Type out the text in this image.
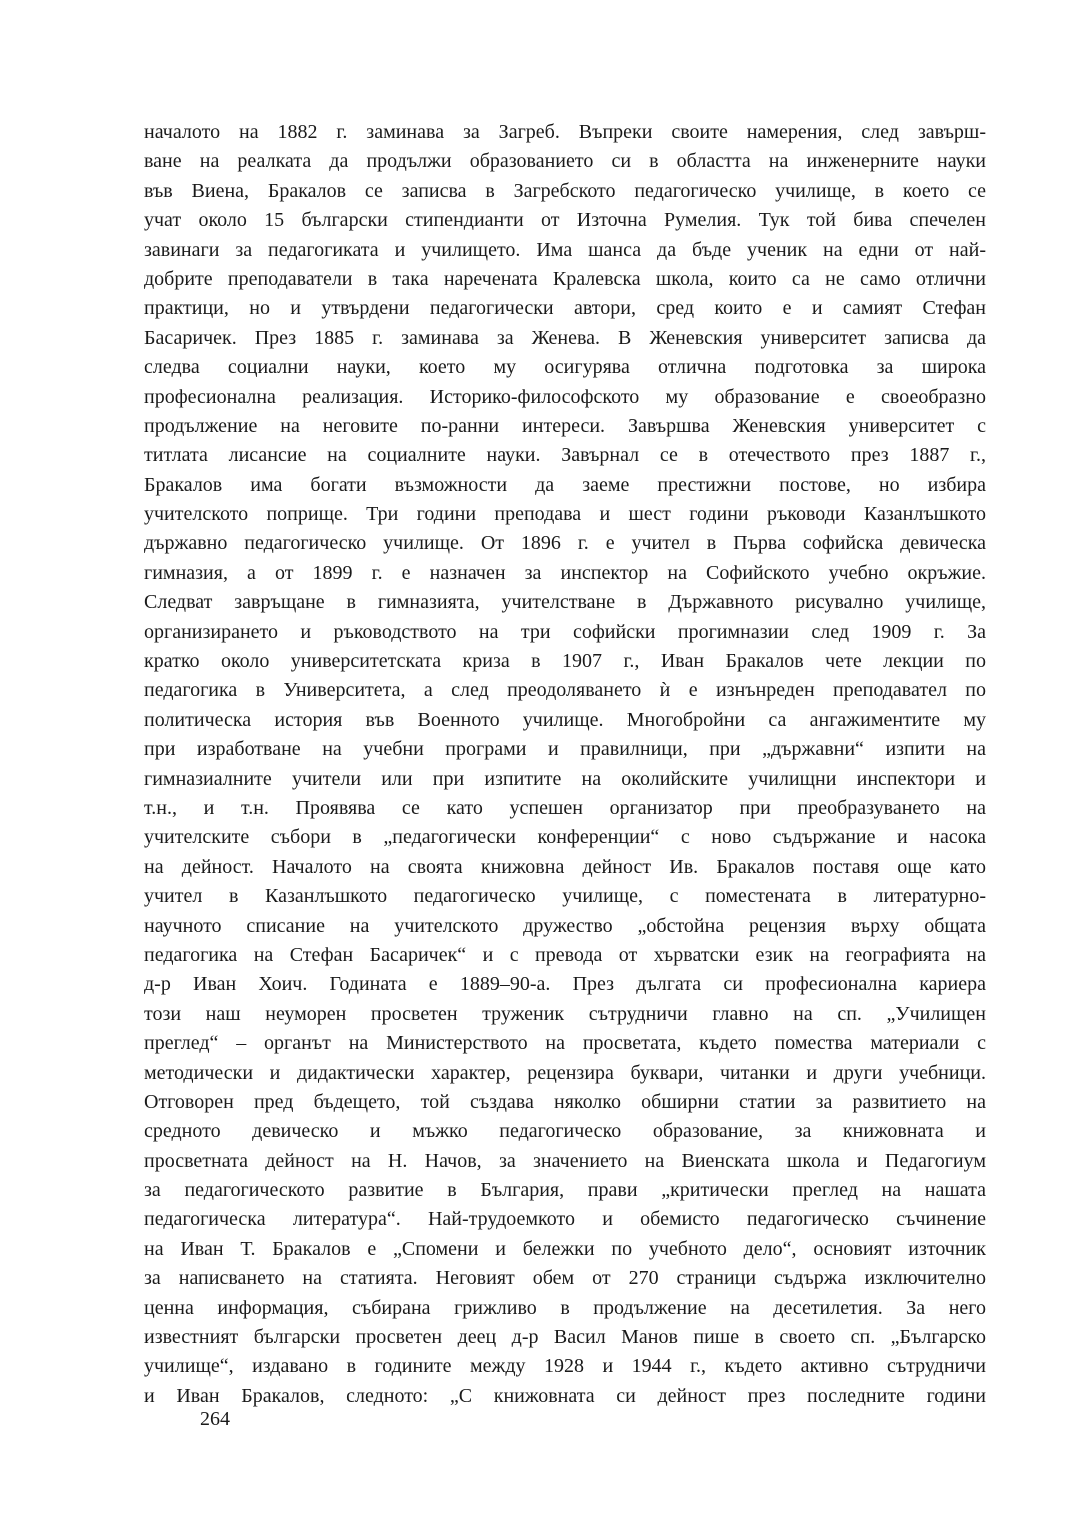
началото на 1882 г. заминава за Загреб. Въпреки своите намерения, след завърш-
ване на реалката да продължи образованието си в областта на инженерните науки
във Виена, Бракалов се записва в Загребското педагогическо училище, в което се
учат около 15 български стипендианти от Източна Румелия. Тук той бива спечелен
завинаги за педагогиката и училището. Има шанса да бъде ученик на едни от най-
добрите преподаватели в така наречената Кралевска школа, които са не само отлични
практици, но и утвърдени педагогически автори, сред които е и самият Стефан
Басаричек. През 1885 г. заминава за Женева. В Женевския университет записва да
следва социални науки, което му осигурява отлична подготовка за широка
професионална реализация. Историко-философското му образование е своеобразно
продължение на неговите по-ранни интереси. Завършва Женевския университет с
титлата лисансие на социалните науки. Завърнал се в отечеството през 1887 г.,
Бракалов има богати възможности да заеме престижни постове, но избира
учителското поприще. Три години преподава и шест години ръководи Казанлъшкото
държавно педагогическо училище. От 1896 г. е учител в Първа софийска девическа
гимназия, а от 1899 г. е назначен за инспектор на Софийското учебно окръжие.
Следват завръщане в гимназията, учителстване в Държавното рисувално училище,
организирането и ръководството на три софийски прогимназии след 1909 г. За
кратко около университетската криза в 1907 г., Иван Бракалов чете лекции по
педагогика в Университета, а след преодоляването ѝ е изнънреден преподавател по
политическа история във Военното училище. Многобройни са ангажиментите му
при изработване на учебни програми и правилници, при „държавни“ изпити на
гимназиалните учители или при изпитите на околийските училищни инспектори и
т.н., и т.н. Проявява се като успешен организатор при преобразуването на
учителските събори в „педагогически конференции“ с ново съдържание и насока
на дейност. Началото на своята книжовна дейност Ив. Бракалов поставя още като
учител в Казанлъшкото педагогическо училище, с поместената в литературно-
научното списание на учителското дружество „обстойна рецензия върху общата
педагогика на Стефан Басаричек“ и с превода от хърватски език на географията на
д-р Иван Хоич. Годината е 1889–90-а. През дългата си професионална кариера
този наш неуморен просветен труженик сътрудничи главно на сп. „Училищен
преглед“ – органът на Министерството на просветата, където помества материали с
методически и дидактически характер, рецензира буквари, читанки и други учебници.
Отговорен пред бъдещето, той създава няколко обширни статии за развитието на
средното девическо и мъжко педагогическо образование, за книжовната и
просветната дейност на Н. Начов, за значението на Виенската школа и Педагогиум
за педагогическото развитие в България, прави „критически преглед на нашата
педагогическа литература“. Най-трудоемкото и обемисто педагогическо съчинение
на Иван Т. Бракалов е „Спомени и бележки по учебното дело“, основият източник
за написването на статията. Неговият обем от 270 страници съдържа изключително
ценна информация, събирана грижливо в продължение на десетилетия. За него
известният български просветен деец д-р Васил Манов пише в своето сп. „Българско
училище“, издавано в годините между 1928 и 1944 г., където активно сътрудничи
и Иван Бракалов, следното: „С книжовната си дейност през последните години
264
